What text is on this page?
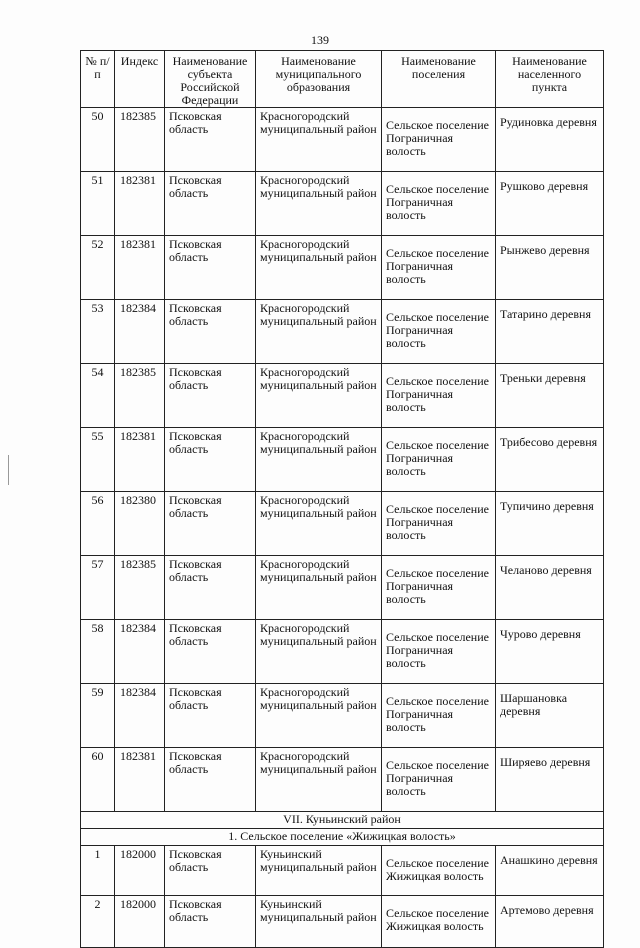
139
№ п/п	Индекс	Наименование субъекта Российской Федерации	Наименование муниципального образования	Наименование поселения	Наименование населенного пункта
50	182385	Псковская область	Красногородский муниципальный район	Сельское поселение Пограничная волость	Рудиновка деревня
51	182381	Псковская область	Красногородский муниципальный район	Сельское поселение Пограничная волость	Рушково деревня
52	182381	Псковская область	Красногородский муниципальный район	Сельское поселение Пограничная волость	Рынжево деревня
53	182384	Псковская область	Красногородский муниципальный район	Сельское поселение Пограничная волость	Татарино деревня
54	182385	Псковская область	Красногородский муниципальный район	Сельское поселение Пограничная волость	Треньки деревня
55	182381	Псковская область	Красногородский муниципальный район	Сельское поселение Пограничная волость	Трибесово деревня
56	182380	Псковская область	Красногородский муниципальный район	Сельское поселение Пограничная волость	Тупичино деревня
57	182385	Псковская область	Красногородский муниципальный район	Сельское поселение Пограничная волость	Челаново деревня
58	182384	Псковская область	Красногородский муниципальный район	Сельское поселение Пограничная волость	Чурово деревня
59	182384	Псковская область	Красногородский муниципальный район	Сельское поселение Пограничная волость	Шаршановка деревня
60	182381	Псковская область	Красногородский муниципальный район	Сельское поселение Пограничная волость	Ширяево деревня
VII. Куньинский район					
1. Сельское поселение «Жижицкая волость»					
1	182000	Псковская область	Куньинский муниципальный район	Сельское поселение Жижицкая волость	Анашкино деревня
2	182000	Псковская область	Куньинский муниципальный район	Сельское поселение Жижицкая волость	Артемово деревня
